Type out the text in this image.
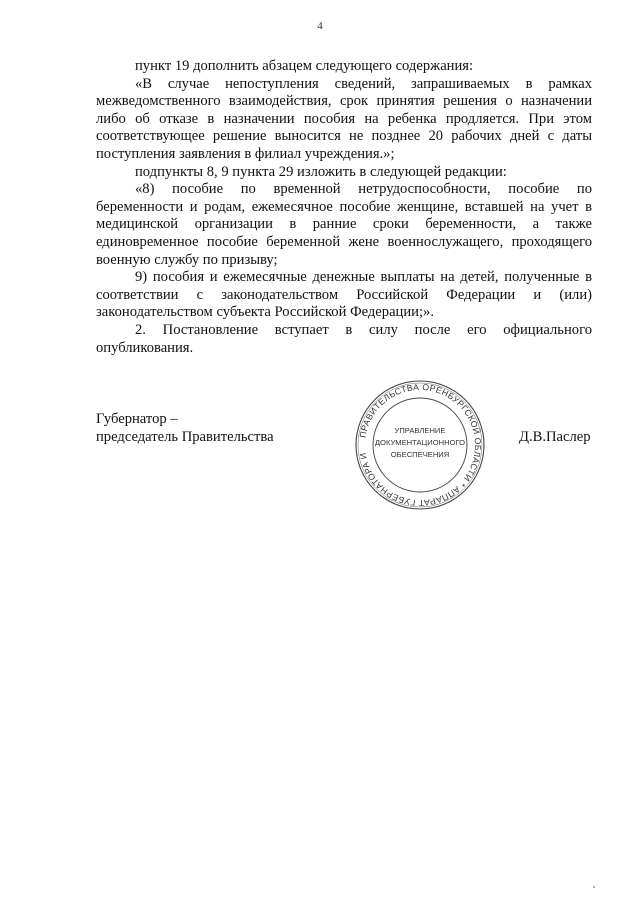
4

пункт 19 дополнить абзацем следующего содержания:

«В случае непоступления сведений, запрашиваемых в рамках межведомственного взаимодействия, срок принятия решения о назначении либо об отказе в назначении пособия на ребенка продляется. При этом соответствующее решение выносится не позднее 20 рабочих дней с даты поступления заявления в филиал учреждения.»;

подпункты 8, 9 пункта 29 изложить в следующей редакции:

«8) пособие по временной нетрудоспособности, пособие по беременности и родам, ежемесячное пособие женщине, вставшей на учет в медицинской организации в ранние сроки беременности, а также единовременное пособие беременной жене военнослужащего, проходящего военную службу по призыву;

9) пособия и ежемесячные денежные выплаты на детей, полученные в соответствии с законодательством Российской Федерации и (или) законодательством субъекта Российской Федерации;».

2. Постановление вступает в силу после его официального опубликования.

Губернатор –
председатель Правительства	Д.В.Паслер
ПРАВИТЕЛЬСТВА ОРЕНБУРГСКОЙ ОБЛАСТИ * АППАРАТ ГУБЕРНАТОРА И
УПРАВЛЕНИЕ
ДОКУМЕНТАЦИОННОГО
ОБЕСПЕЧЕНИЯ
